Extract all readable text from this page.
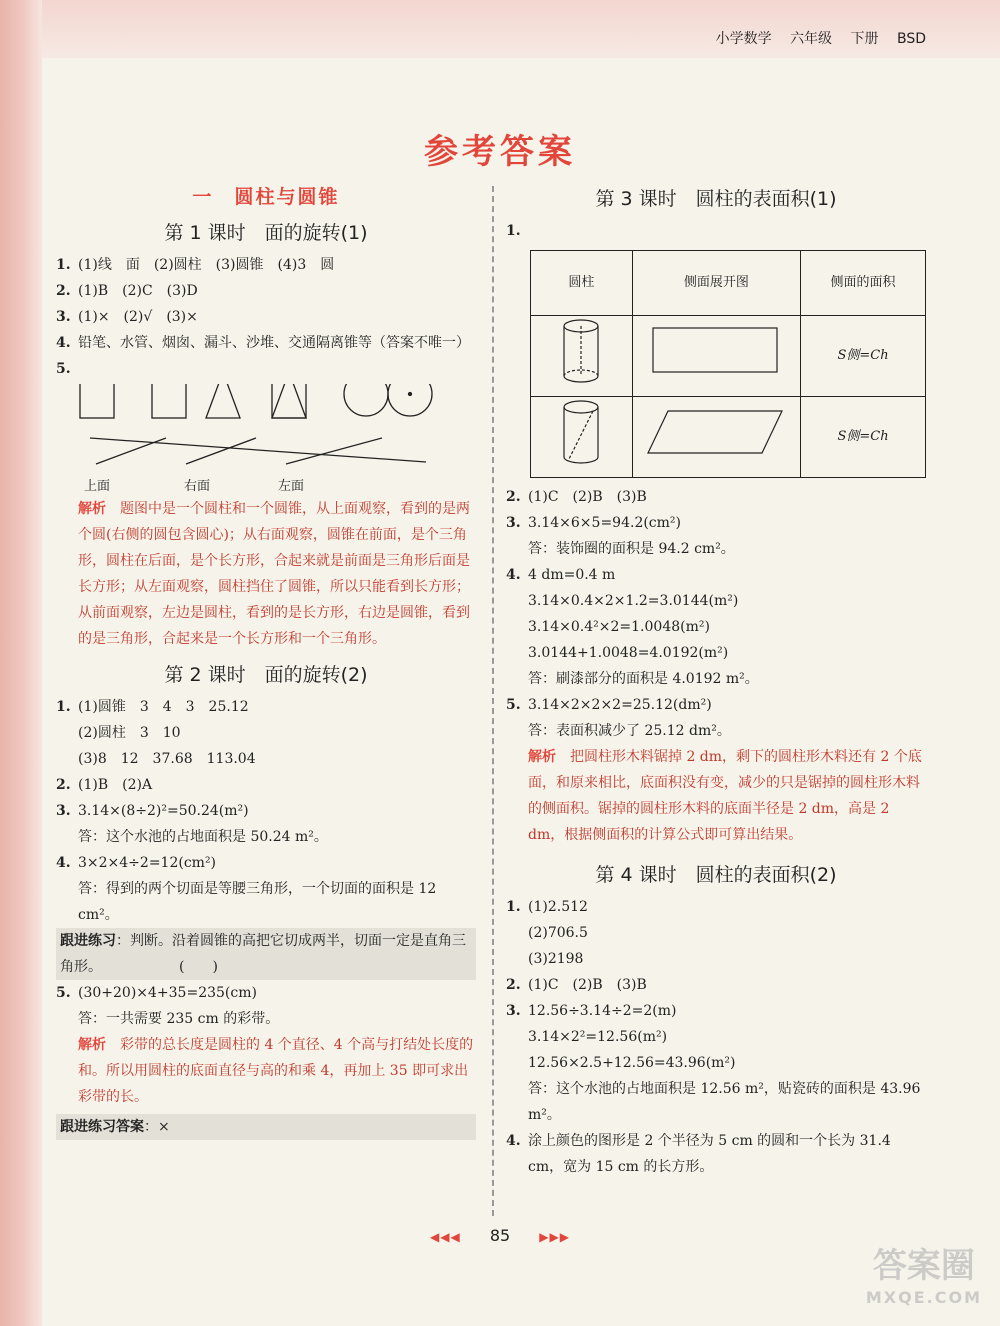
小学数学 六年级 下册 BSD
参考答案
一　圆柱与圆锥
第 1 课时　面的旋转(1)
1. (1)线　面　(2)圆柱　(3)圆锥　(4)3　圆
2. (1)B　(2)C　(3)D
3. (1)×　(2)√　(3)×
4. 铅笔、水管、烟囱、漏斗、沙堆、交通隔离锥等（答案不唯一）
5.
上面	右面	左面
解析　 题图中是一个圆柱和一个圆锥，从上面观察，看到的是两个圆(右侧的圆包含圆心)；从右面观察，圆锥在前面，是个三角形，圆柱在后面，是个长方形，合起来就是前面是三角形后面是长方形；从左面观察，圆柱挡住了圆锥，所以只能看到长方形；从前面观察，左边是圆柱，看到的是长方形，右边是圆锥，看到的是三角形，合起来是一个长方形和一个三角形。
第 2 课时　面的旋转(2)
1. (1)圆锥　3　4　3　25.12
(2)圆柱　3　10
(3)8　12　37.68　113.04
2. (1)B　(2)A
3. 3.14×(8÷2)²=50.24(m²)
答：这个水池的占地面积是 50.24 m²。
4. 3×2×4÷2=12(cm²)
答：得到的两个切面是等腰三角形，一个切面的面积是 12 cm²。
跟进练习：判断。沿着圆锥的高把它切成两半，切面一定是直角三角形。　　　　　　(　　)
5. (30+20)×4+35=235(cm)
答：一共需要 235 cm 的彩带。
解析　 彩带的总长度是圆柱的 4 个直径、4 个高与打结处长度的和。所以用圆柱的底面直径与高的和乘 4，再加上 35 即可求出彩带的长。
跟进练习答案：×
第 3 课时　圆柱的表面积(1)
1.
圆柱	侧面展开图	侧面的面积
		S侧=Ch
		S侧=Ch
2. (1)C　(2)B　(3)B
3. 3.14×6×5=94.2(cm²)
答：装饰圈的面积是 94.2 cm²。
4. 4 dm=0.4 m
3.14×0.4×2×1.2=3.0144(m²)
3.14×0.4²×2=1.0048(m²)
3.0144+1.0048=4.0192(m²)
答：刷漆部分的面积是 4.0192 m²。
5. 3.14×2×2×2=25.12(dm²)
答：表面积减少了 25.12 dm²。
解析　 把圆柱形木料锯掉 2 dm，剩下的圆柱形木料还有 2 个底面，和原来相比，底面积没有变，减少的只是锯掉的圆柱形木料的侧面积。锯掉的圆柱形木料的底面半径是 2 dm，高是 2 dm，根据侧面积的计算公式即可算出结果。
第 4 课时　圆柱的表面积(2)
1. (1)2.512
(2)706.5
(3)2198
2. (1)C　(2)B　(3)B
3. 12.56÷3.14÷2=2(m)
3.14×2²=12.56(m²)
12.56×2.5+12.56=43.96(m²)
答：这个水池的占地面积是 12.56 m²，贴瓷砖的面积是 43.96 m²。
4. 涂上颜色的图形是 2 个半径为 5 cm 的圆和一个长为 31.4 cm，宽为 15 cm 的长方形。
◀◀◀ 85 ▶▶▶
答案圈
MXQE.COM
